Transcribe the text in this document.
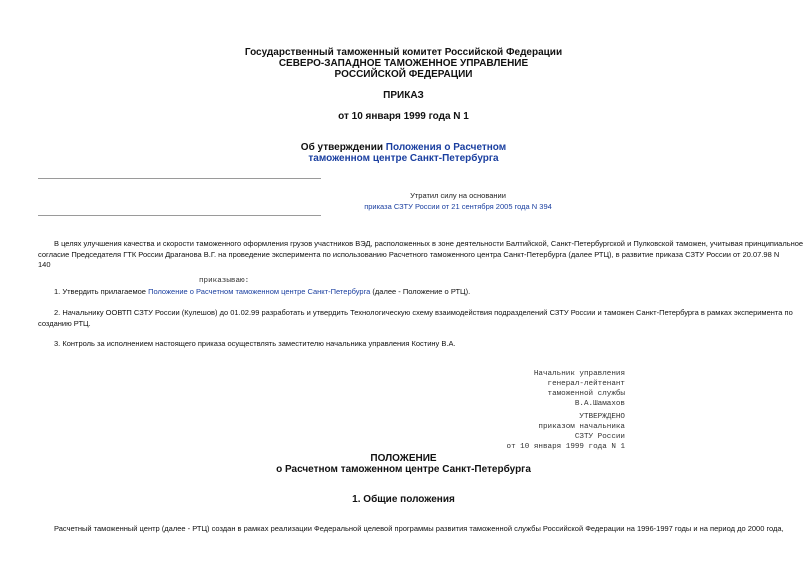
Государственный таможенный комитет Российской Федерации
СЕВЕРО-ЗАПАДНОЕ ТАМОЖЕННОЕ УПРАВЛЕНИЕ
РОССИЙСКОЙ ФЕДЕРАЦИИ
ПРИКАЗ
от 10 января 1999 года N 1
Об утверждении Положения о Расчетном
таможенном центре Санкт-Петербурга
Утратил силу на основании
приказа СЗТУ России от 21 сентября 2005 года N 394
В целях улучшения качества и скорости таможенного оформления грузов участников ВЭД, расположенных в зоне деятельности Балтийской, Санкт-Петербургской и Пулковской таможен, учитывая принципиальное
согласие Председателя ГТК России Драганова В.Г. на проведение эксперимента по использованию Расчетного таможенного центра Санкт-Петербурга (далее РТЦ), в развитие приказа СЗТУ России от 20.07.98 N
140
приказываю:
1. Утвердить прилагаемое Положение о Расчетном таможенном центре Санкт-Петербурга (далее - Положение о РТЦ).
2. Начальнику ООВТП СЗТУ России (Кулешов) до 01.02.99 разработать и утвердить Технологическую схему взаимодействия подразделений СЗТУ России и таможен Санкт-Петербурга в рамках эксперимента по
созданию РТЦ.
3. Контроль за исполнением настоящего приказа осуществлять заместителю начальника управления Костину В.А.
Начальник управления
генерал-лейтенант
таможенной службы
В.А.Шамахов
УТВЕРЖДЕНО
приказом начальника
СЗТУ России
от 10 января 1999 года N 1
ПОЛОЖЕНИЕ
о Расчетном таможенном центре Санкт-Петербурга
1. Общие положения
Расчетный таможенный центр (далее - РТЦ) создан в рамках реализации Федеральной целевой программы развития таможенной службы Российской Федерации на 1996-1997 годы и на период до 2000 года,
